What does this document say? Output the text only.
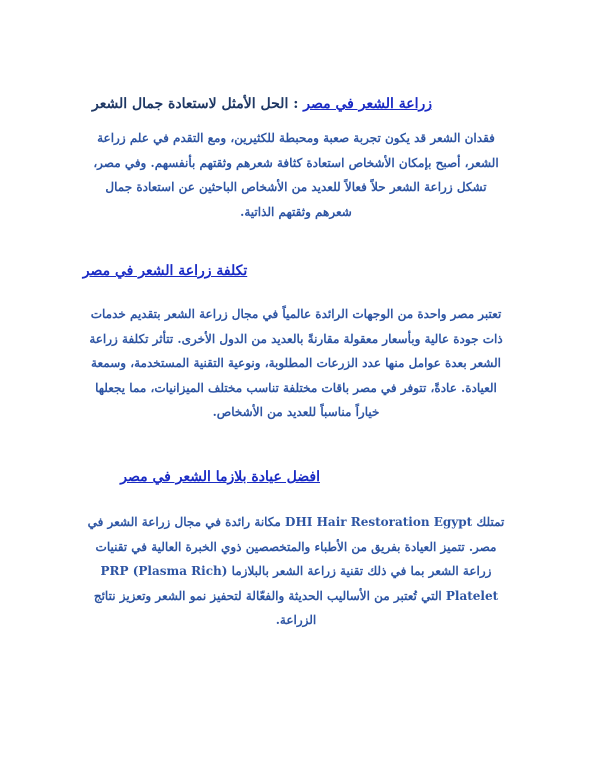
زراعة الشعر في مصر : الحل الأمثل لاستعادة جمال الشعر
فقدان الشعر قد يكون تجربة صعبة ومحبطة للكثيرين، ومع التقدم في علم زراعة الشعر، أصبح بإمكان الأشخاص استعادة كثافة شعرهم وثقتهم بأنفسهم. وفي مصر، تشكل زراعة الشعر حلاً فعالاً للعديد من الأشخاص الباحثين عن استعادة جمال شعرهم وثقتهم الذاتية.
تكلفة زراعة الشعر في مصر
تعتبر مصر واحدة من الوجهات الرائدة عالمياً في مجال زراعة الشعر بتقديم خدمات ذات جودة عالية وبأسعار معقولة مقارنةً بالعديد من الدول الأخرى. تتأثر تكلفة زراعة الشعر بعدة عوامل منها عدد الزرعات المطلوبة، ونوعية التقنية المستخدمة، وسمعة العيادة. عادةً، تتوفر في مصر باقات مختلفة تناسب مختلف الميزانيات، مما يجعلها خياراً مناسباً للعديد من الأشخاص.
افضل عيادة بلازما الشعر في مصر
تمتلك DHI Hair Restoration Egypt مكانة رائدة في مجال زراعة الشعر في مصر. تتميز العيادة بفريق من الأطباء والمتخصصين ذوي الخبرة العالية في تقنيات زراعة الشعر بما في ذلك تقنية زراعة الشعر بالبلازما (PRP (Plasma Rich Platelet التي تُعتبر من الأساليب الحديثة والفعّالة لتحفيز نمو الشعر وتعزيز نتائج الزراعة.
